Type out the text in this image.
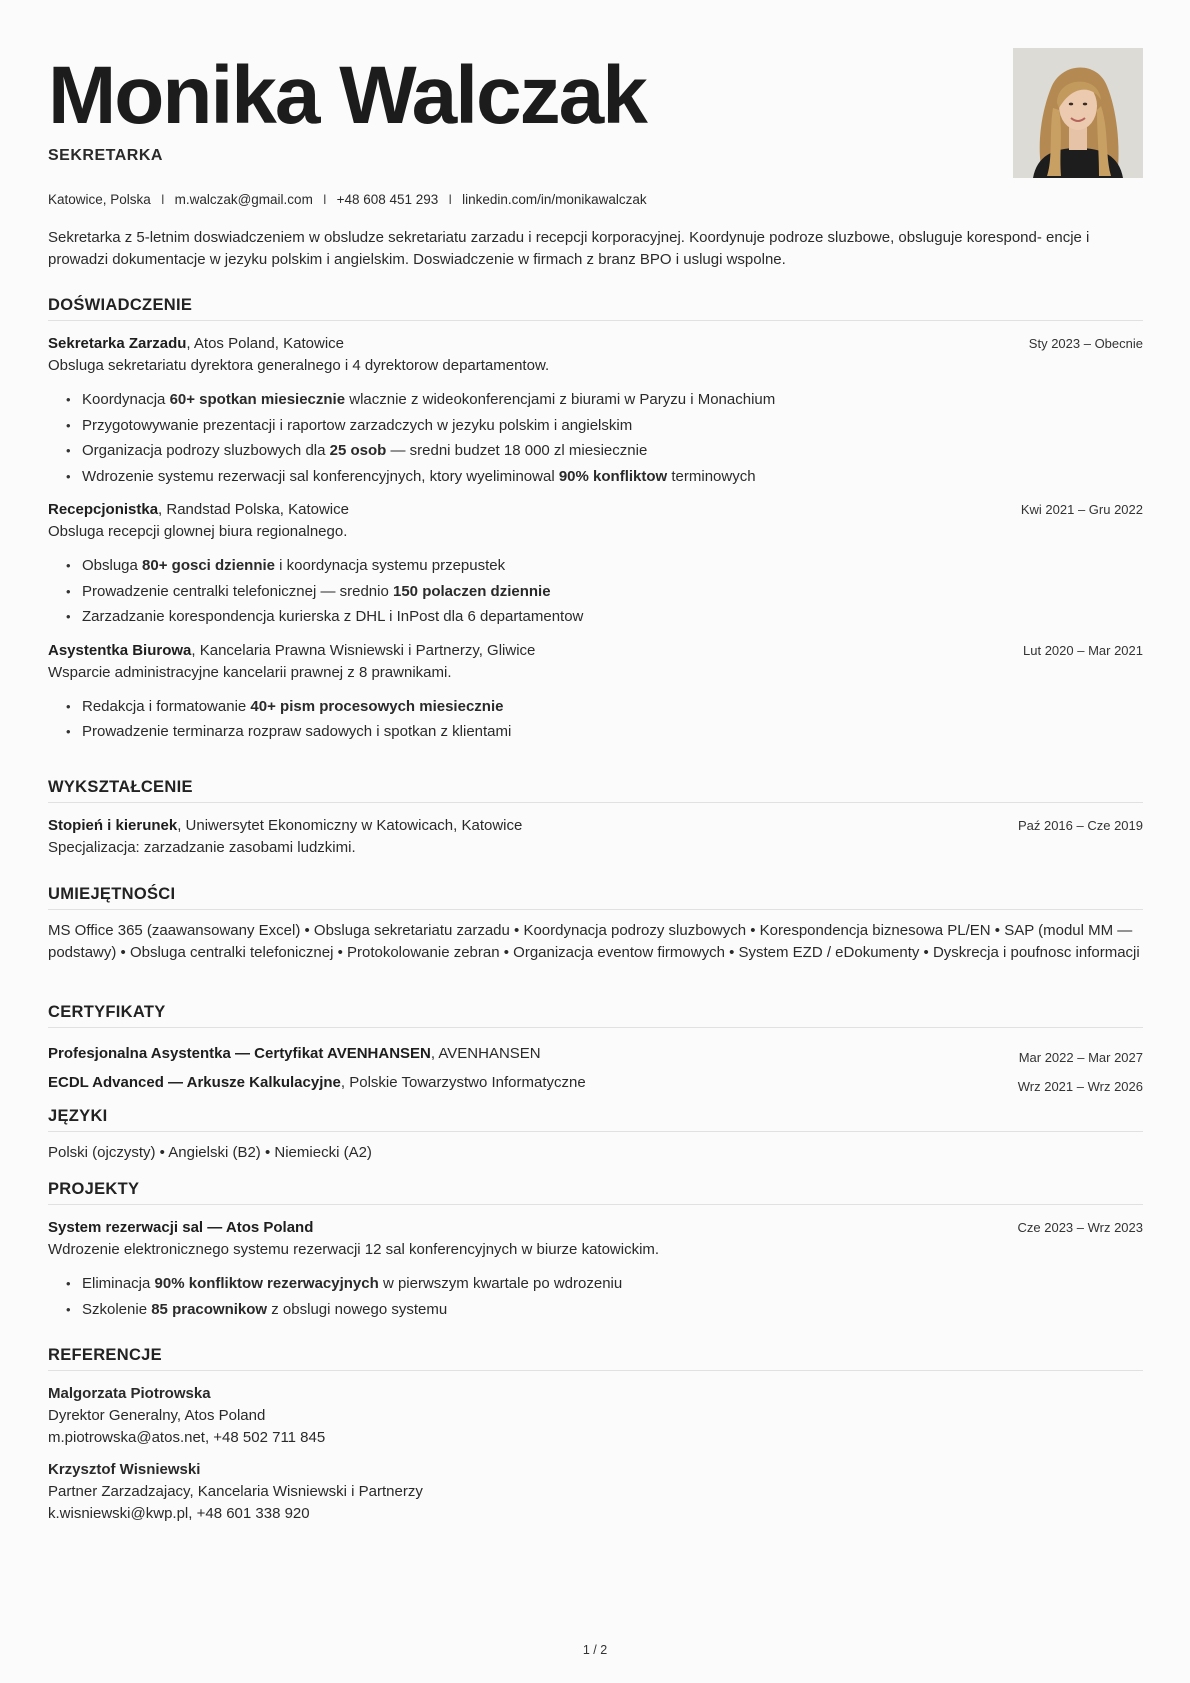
Monika Walczak
SEKRETARKA
Katowice, Polska I m.walczak@gmail.com I +48 608 451 293 I linkedin.com/in/monikawalczak
Sekretarka z 5-letnim doswiadczeniem w obsludze sekretariatu zarzadu i recepcji korporacyjnej. Koordynuje podroze sluzbowe, obsluguje korespond- encje i prowadzi dokumentacje w jezyku polskim i angielskim. Doswiadczenie w firmach z branz BPO i uslugi wspolne.
DOŚWIADCZENIE
Sekretarka Zarzadu, Atos Poland, Katowice	Sty 2023 – Obecnie
Obsluga sekretariatu dyrektora generalnego i 4 dyrektorow departamentow.
• Koordynacja 60+ spotkan miesiecznie wlacznie z wideokonferencjami z biurami w Paryzu i Monachium
• Przygotowywanie prezentacji i raportow zarzadczych w jezyku polskim i angielskim
• Organizacja podrozy sluzbowych dla 25 osob — sredni budzet 18 000 zl miesiecznie
• Wdrozenie systemu rezerwacji sal konferencyjnych, ktory wyeliminowal 90% konfliktow terminowych
Recepcjonistka, Randstad Polska, Katowice	Kwi 2021 – Gru 2022
Obsluga recepcji glownej biura regionalnego.
• Obsluga 80+ gosci dziennie i koordynacja systemu przepustek
• Prowadzenie centralki telefonicznej — srednio 150 polaczen dziennie
• Zarzadzanie korespondencja kurierska z DHL i InPost dla 6 departamentow
Asystentka Biurowa, Kancelaria Prawna Wisniewski i Partnerzy, Gliwice	Lut 2020 – Mar 2021
Wsparcie administracyjne kancelarii prawnej z 8 prawnikami.
• Redakcja i formatowanie 40+ pism procesowych miesiecznie
• Prowadzenie terminarza rozpraw sadowych i spotkan z klientami
WYKSZTAŁCENIE
Stopień i kierunek, Uniwersytet Ekonomiczny w Katowicach, Katowice	Paź 2016 – Cze 2019
Specjalizacja: zarzadzanie zasobami ludzkimi.
UMIEJĘTNOŚCI
MS Office 365 (zaawansowany Excel) • Obsluga sekretariatu zarzadu • Koordynacja podrozy sluzbowych • Korespondencja biznesowa PL/EN • SAP (modul MM — podstawy) • Obsluga centralki telefonicznej • Protokolowanie zebran • Organizacja eventow firmowych • System EZD / eDokumenty • Dyskrecja i poufnosc informacji
CERTYFIKATY
Profesjonalna Asystentka — Certyfikat AVENHANSEN, AVENHANSEN	Mar 2022 – Mar 2027
ECDL Advanced — Arkusze Kalkulacyjne, Polskie Towarzystwo Informatyczne	Wrz 2021 – Wrz 2026
JĘZYKI
Polski (ojczysty) • Angielski (B2) • Niemiecki (A2)
PROJEKTY
System rezerwacji sal — Atos Poland	Cze 2023 – Wrz 2023
Wdrozenie elektronicznego systemu rezerwacji 12 sal konferencyjnych w biurze katowickim.
• Eliminacja 90% konfliktow rezerwacyjnych w pierwszym kwartale po wdrozeniu
• Szkolenie 85 pracownikow z obslugi nowego systemu
REFERENCJE
Malgorzata Piotrowska
Dyrektor Generalny, Atos Poland
m.piotrowska@atos.net, +48 502 711 845
Krzysztof Wisniewski
Partner Zarzadzajacy, Kancelaria Wisniewski i Partnerzy
k.wisniewski@kwp.pl, +48 601 338 920
1 / 2
